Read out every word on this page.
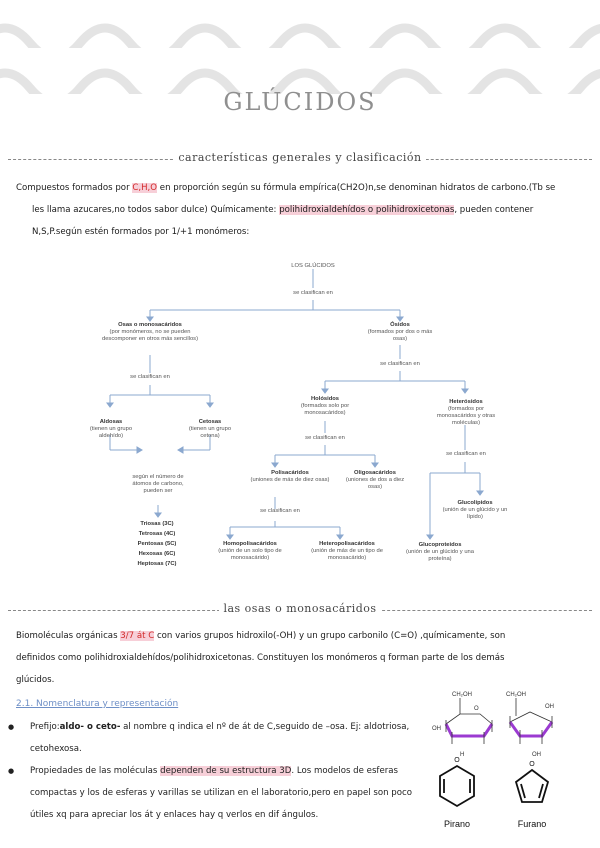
GLÚCIDOS
características generales y clasificación
Compuestos formados por C,H,O en proporción según su fórmula empírica(CH2O)n,se denominan hidratos de carbono.(Tb se
les llama azucares,no todos sabor dulce) Químicamente: polihidroxialdehídos o polihidroxicetonas, pueden contener
N,S,P.según estén formados por 1/+1 monómeros:
LOS GLÚCIDOS
se clasifican en
Osas o monosacáridos
(por monómeros, no se pueden descomponer en otros más sencillos)
se clasifican en
Aldosas
(tienen un grupo aldehído)
Cetosas
(tienen un grupo cetona)
según el número de átomos de carbono, pueden ser
Triosas (3C)
Tetrosas (4C)
Pentosas (5C)
Hexosas (6C)
Heptosas (7C)
Ósidos
(formados por dos o más osas)
se clasifican en
Holósidos
(formados solo por monosacáridos)
se clasifican en
Heterósidos
(formados por monosacáridos y otras moléculas)
se clasifican en
Polisacáridos
(uniones de más de diez osas)
Oligosacáridos
(uniones de dos a diez osas)
se clasifican en
Homopolisacáridos
(unión de un solo tipo de monosacárido)
Heteropolisacáridos
(unión de más de un tipo de monosacárido)
Glucolípidos
(unión de un glúcido y un lípido)
Glucoproteidos
(unión de un glúcido y una proteína)
las osas o monosacáridos
Biomoléculas orgánicas 3/7 át C con varios grupos hidroxilo(-OH) y un grupo carbonilo (C=O) ,químicamente, son
definidos como polihidroxialdehídos/polihidroxicetonas. Constituyen los monómeros q forman parte de los demás
glúcidos.
2.1. Nomenclatura y representación
● Prefijo:aldo- o ceto- al nombre q indica el nº de át de C,seguido de –osa. Ej: aldotriosa,
cetohexosa.
● Propiedades de las moléculas dependen de su estructura 3D. Los modelos de esferas
compactas y los de esferas y varillas se utilizan en el laboratorio,pero en papel son poco
útiles xq para apreciar los át y enlaces hay q verlos en dif ángulos.
CH₂OH	CH₂OH
O	OH
OH
H	OH
O
O
Pirano	Furano
